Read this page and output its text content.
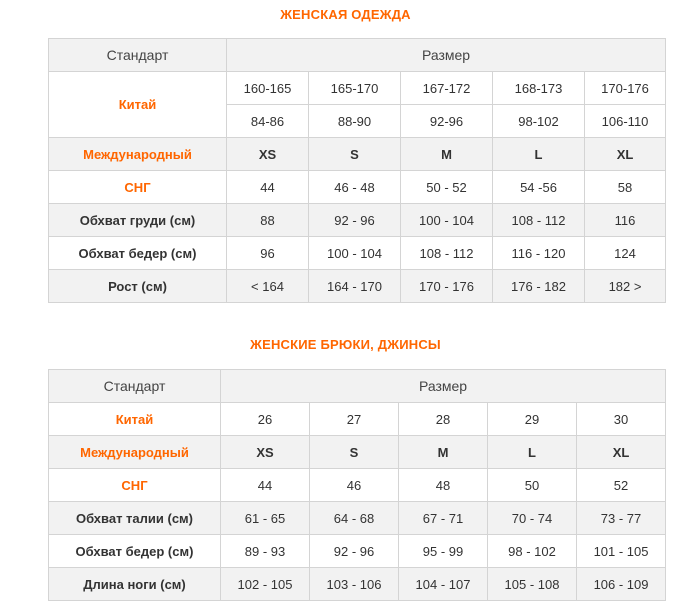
ЖЕНСКАЯ ОДЕЖДА
Стандарт	Размер				
Китай	160-165	165-170	167-172	168-173	170-176
	84-86	88-90	92-96	98-102	106-110
Международный	XS	S	M	L	XL
СНГ	44	46 - 48	50 - 52	54 -56	58
Обхват груди (см)	88	92 - 96	100 - 104	108 - 112	116
Обхват бедер (см)	96	100 - 104	108 - 112	116 - 120	124
Рост (см)	< 164	164 - 170	170 - 176	176 - 182	182 >
ЖЕНСКИЕ БРЮКИ, ДЖИНСЫ
Стандарт	Размер				
Китай	26	27	28	29	30
Международный	XS	S	M	L	XL
СНГ	44	46	48	50	52
Обхват талии (см)	61 - 65	64 - 68	67 - 71	70 - 74	73 - 77
Обхват бедер (см)	89 - 93	92 - 96	95 - 99	98 - 102	101 - 105
Длина ноги (см)	102 - 105	103 - 106	104 - 107	105 - 108	106 - 109
